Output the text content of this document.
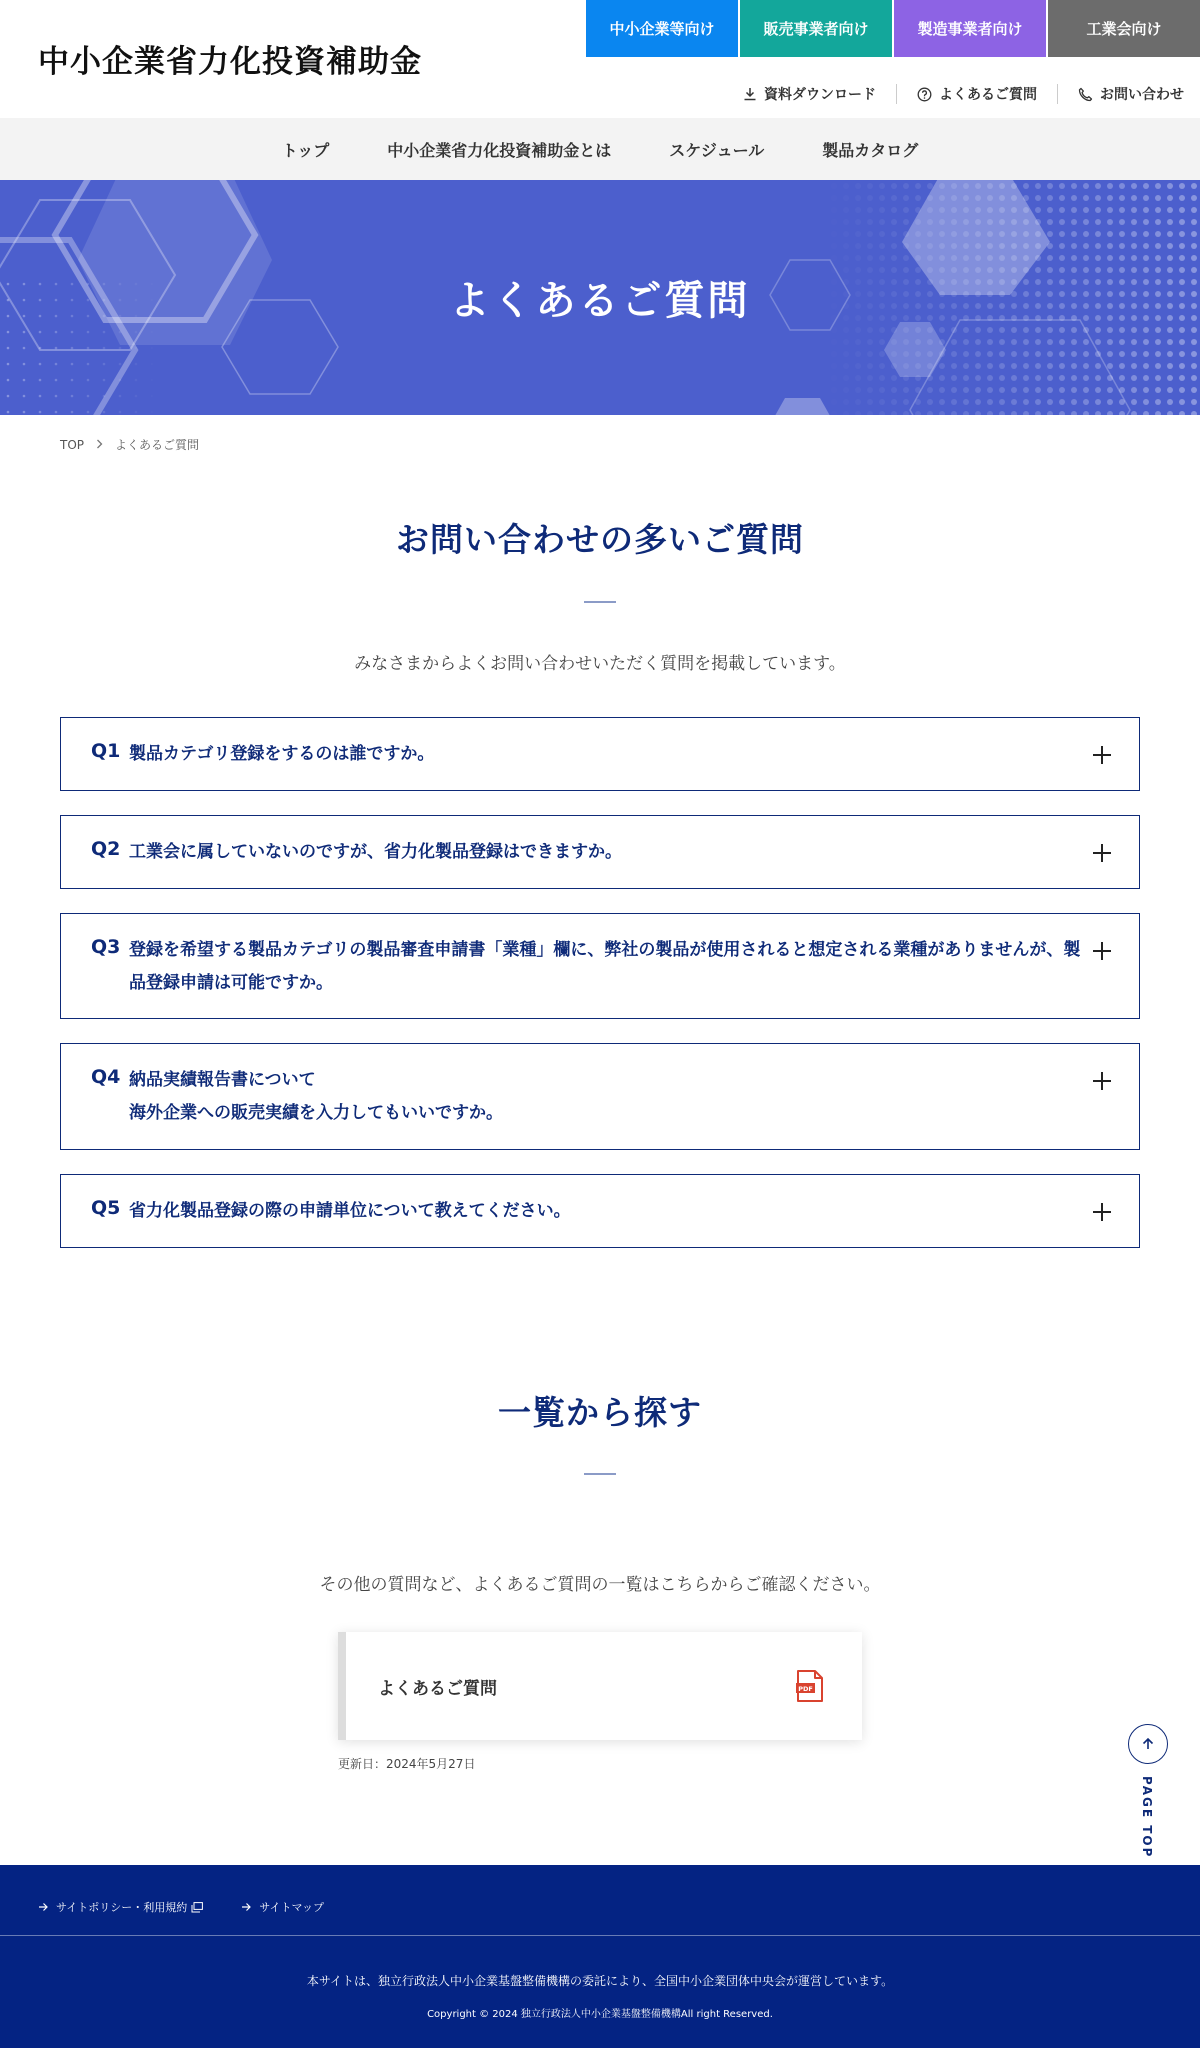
中小企業省力化投資補助金
中小企業等向け	販売事業者向け	製造事業者向け	工業会向け
資料ダウンロード	よくあるご質問	お問い合わせ
トップ	中小企業省力化投資補助金とは	スケジュール	製品カタログ
よくあるご質問
TOP	よくあるご質問
お問い合わせの多いご質問

みなさまからよくお問い合わせいただく質問を掲載しています。

Q1 製品カテゴリ登録をするのは誰ですか。
Q2 工業会に属していないのですが、省力化製品登録はできますか。
Q3 登録を希望する製品カテゴリの製品審査申請書「業種」欄に、弊社の製品が使用されると想定される業種がありませんが、製品登録申請は可能ですか。
Q4 納品実績報告書について
海外企業への販売実績を入力してもいいですか。
Q5 省力化製品登録の際の申請単位について教えてください。
一覧から探す

その他の質問など、よくあるご質問の一覧はこちらからご確認ください。

よくあるご質問	PDF
更新日：2024年5月27日
PAGE TOP
サイトポリシー・利用規約	サイトマップ

本サイトは、独立行政法人中小企業基盤整備機構の委託により、全国中小企業団体中央会が運営しています。

Copyright © 2024 独立行政法人中小企業基盤整備機構All right Reserved.
